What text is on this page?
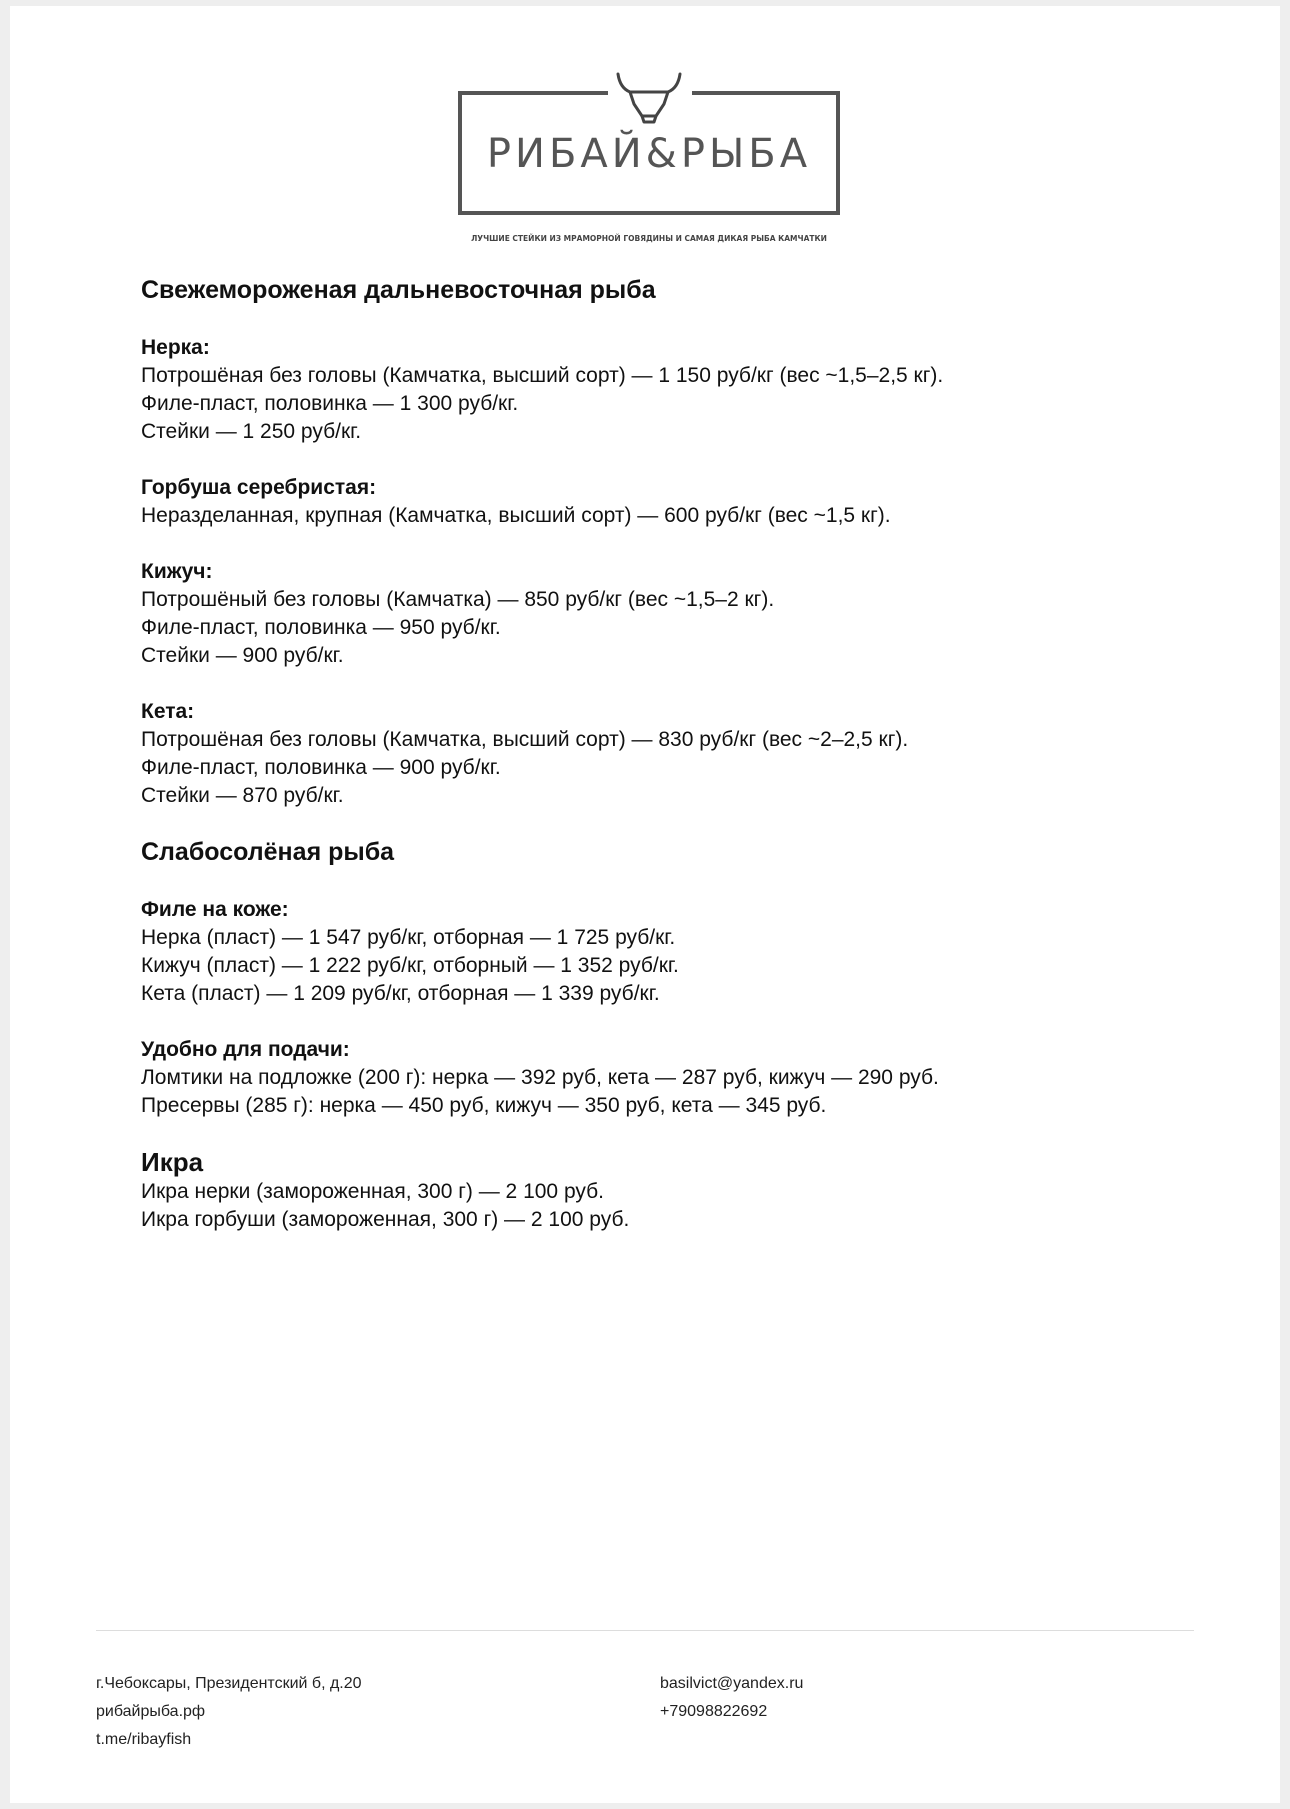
РИБАЙ&РЫБА
ЛУЧШИЕ СТЕЙКИ ИЗ МРАМОРНОЙ ГОВЯДИНЫ И САМАЯ ДИКАЯ РЫБА КАМЧАТКИ
Свежемороженая дальневосточная рыба
Нерка:
Потрошёная без головы (Камчатка, высший сорт) — 1 150 руб/кг (вес ~1,5–2,5 кг).
Филе-пласт, половинка — 1 300 руб/кг.
Стейки — 1 250 руб/кг.
Горбуша серебристая:
Неразделанная, крупная (Камчатка, высший сорт) — 600 руб/кг (вес ~1,5 кг).
Кижуч:
Потрошёный без головы (Камчатка) — 850 руб/кг (вес ~1,5–2 кг).
Филе-пласт, половинка — 950 руб/кг.
Стейки — 900 руб/кг.
Кета:
Потрошёная без головы (Камчатка, высший сорт) — 830 руб/кг (вес ~2–2,5 кг).
Филе-пласт, половинка — 900 руб/кг.
Стейки — 870 руб/кг.
Слабосолёная рыба
Филе на коже:
Нерка (пласт) — 1 547 руб/кг, отборная — 1 725 руб/кг.
Кижуч (пласт) — 1 222 руб/кг, отборный — 1 352 руб/кг.
Кета (пласт) — 1 209 руб/кг, отборная — 1 339 руб/кг.
Удобно для подачи:
Ломтики на подложке (200 г): нерка — 392 руб, кета — 287 руб, кижуч — 290 руб.
Пресервы (285 г): нерка — 450 руб, кижуч — 350 руб, кета — 345 руб.
Икра
Икра нерки (замороженная, 300 г) — 2 100 руб.
Икра горбуши (замороженная, 300 г) — 2 100 руб.
г.Чебоксары, Президентский б, д.20
рибайрыба.рф
t.me/ribayfish
basilvict@yandex.ru
+79098822692
